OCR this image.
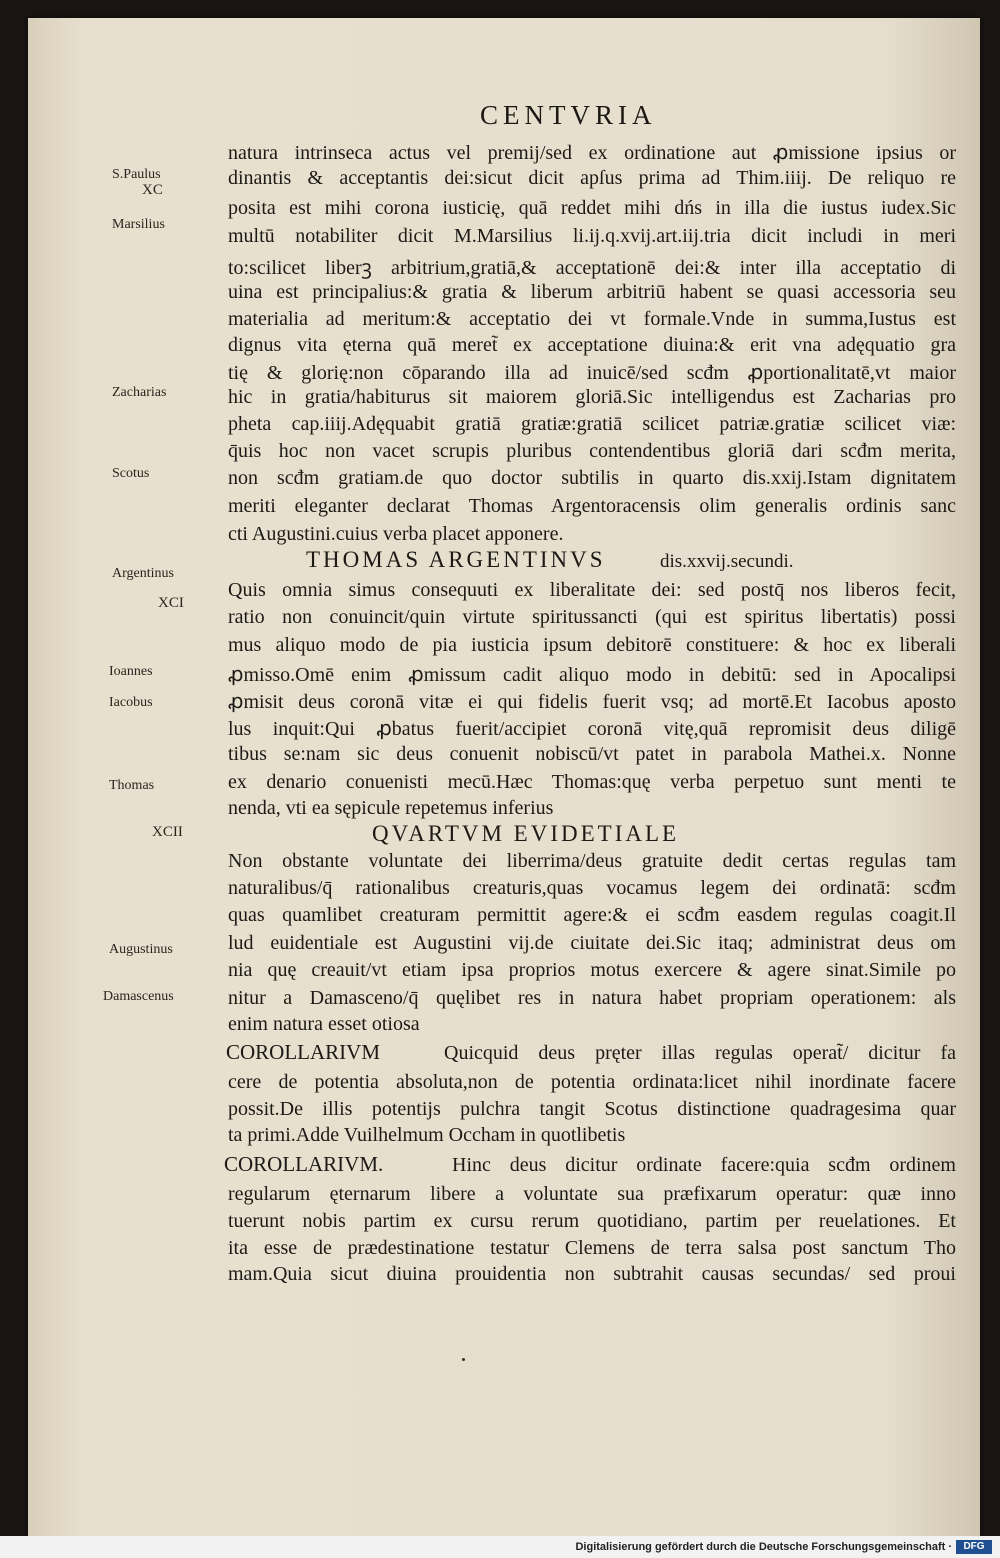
CENTVRIA
S.Paulus
XC
Marsilius
Zacharias
Scotus
Argentinus
XCI
Ioannes
Iacobus
Thomas
XCII
Augustinus
Damascenus
natura intrinseca actus vel premij/sed ex ordinatione aut ꝓmissione ipsius or
dinantis & acceptantis dei:sicut dicit apſus prima ad Thim.iiij. De reliquo re
posita est mihi corona iusticię, quā reddet mihi dńs in illa die iustus iudex.Sic
multū notabiliter dicit M.Marsilius li.ij.q.xvij.art.iij.tria dicit includi in meri
to:scilicet liberꝫ arbitrium,gratiā,& acceptationē dei:& inter illa acceptatio di
uina est principalius:& gratia & liberum arbitriū habent se quasi accessoria seu
materialia ad meritum:& acceptatio dei vt formale.Vnde in summa,Iustus est
dignus vita ęterna quā meret̃ ex acceptatione diuina:& erit vna adęquatio gra
tię & glorię:non cōparando illa ad inuicē/sed scđm ꝓportionalitatē,vt maior
hic in gratia/habiturus sit maiorem gloriā.Sic intelligendus est Zacharias pro
pheta cap.iiij.Adęquabit gratiā gratiæ:gratiā scilicet patriæ.gratiæ scilicet viæ:
q̄uis hoc non vacet scrupis pluribus contendentibus gloriā dari scđm merita,
non scđm gratiam.de quo doctor subtilis in quarto dis.xxij.Istam dignitatem
meriti eleganter declarat Thomas Argentoracensis olim generalis ordinis sanc
cti Augustini.cuius verba placet apponere.
THOMAS ARGENTINVS	dis.xxvij.secundi.
Quis omnia simus consequuti ex liberalitate dei: sed postq̄ nos liberos fecit,
ratio non conuincit/quin virtute spiritussancti (qui est spiritus libertatis) possi
mus aliquo modo de pia iusticia ipsum debitorē constituere: & hoc ex liberali
ꝓmisso.Omē enim ꝓmissum cadit aliquo modo in debitū: sed in Apocalipsi
ꝓmisit deus coronā vitæ ei qui fidelis fuerit vsq; ad mortē.Et Iacobus aposto
lus inquit:Qui ꝓbatus fuerit/accipiet coronā vitę,quā repromisit deus diligē
tibus se:nam sic deus conuenit nobiscū/vt patet in parabola Mathei.x. Nonne
ex denario conuenisti mecū.Hæc Thomas:quę verba perpetuo sunt menti te
nenda, vti ea sępicule repetemus inferius
QVARTVM EVIDETIALE
Non obstante voluntate dei liberrima/deus gratuite dedit certas regulas tam
naturalibus/q̄ rationalibus creaturis,quas vocamus legem dei ordinatā: scđm
quas quamlibet creaturam permittit agere:& ei scđm easdem regulas coagit.Il
lud euidentiale est Augustini vij.de ciuitate dei.Sic itaq; administrat deus om
nia quę creauit/vt etiam ipsa proprios motus exercere & agere sinat.Simile po
nitur a Damasceno/q̄ quęlibet res in natura habet propriam operationem: als
enim natura esset otiosa
COROLLARIVM	Quicquid deus pręter illas regulas operat̃/ dicitur fa
cere de potentia absoluta,non de potentia ordinata:licet nihil inordinate facere
possit.De illis potentijs pulchra tangit Scotus distinctione quadragesima quar
ta primi.Adde Vuilhelmum Occham in quotlibetis
COROLLARIVM.	Hinc deus dicitur ordinate facere:quia scđm ordinem
regularum ęternarum libere a voluntate sua præfixarum operatur: quæ inno
tuerunt nobis partim ex cursu rerum quotidiano, partim per reuelationes. Et
ita esse de prædestinatione testatur Clemens de terra salsa post sanctum Tho
mam.Quia sicut diuina prouidentia non subtrahit causas secundas/ sed proui
Digitalisierung gefördert durch die Deutsche Forschungsgemeinschaft ·	DFG
